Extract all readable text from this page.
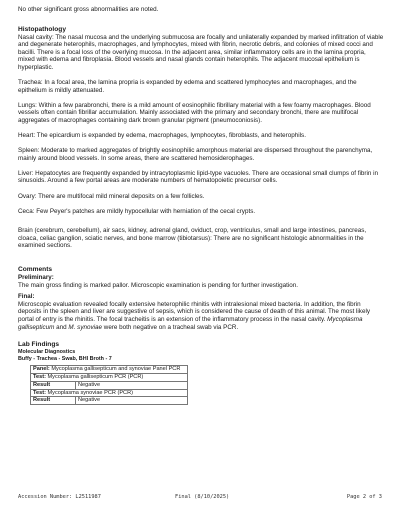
No other significant gross abnormalities are noted.

Histopathology

Nasal cavity: The nasal mucosa and the underlying submucosa are focally and unilaterally expanded by marked infiltration of viable and degenerate heterophils, macrophages, and lymphocytes, mixed with fibrin, necrotic debris, and colonies of mixed cocci and bacilli. There is a focal loss of the overlying mucosa. In the adjacent area, similar inflammatory cells are in the lamina propria, mixed with edema and fibroplasia. Blood vessels and nasal glands contain heterophils. The adjacent mucosal epithelium is hyperplastic.

Trachea: In a focal area, the lamina propria is expanded by edema and scattered lymphocytes and macrophages, and the epithelium is mildly attenuated.

Lungs: Within a few parabronchi, there is a mild amount of eosinophilic fibrillary material with a few foamy macrophages. Blood vessels often contain fibrillar accumulation. Mainly associated with the primary and secondary bronchi, there are multifocal aggregates of macrophages containing dark brown granular pigment (pneumoconiosis).

Heart: The epicardium is expanded by edema, macrophages, lymphocytes, fibroblasts, and heterophils.

Spleen: Moderate to marked aggregates of brightly eosinophilic amorphous material are dispersed throughout the parenchyma, mainly around blood vessels. In some areas, there are scattered hemosiderophages.

Liver: Hepatocytes are frequently expanded by intracytoplasmic lipid-type vacuoles. There are occasional small clumps of fibrin in sinusoids. Around a few portal areas are moderate numbers of hematopoietic precursor cells.

Ovary: There are multifocal mild mineral deposits on a few follicles.

Ceca: Few Peyer's patches are mildly hypocellular with herniation of the cecal crypts.

Brain (cerebrum, cerebellum), air sacs, kidney, adrenal gland, oviduct, crop, ventriculus, small and large intestines, pancreas, cloaca, celiac ganglion, sciatic nerves, and bone marrow (tibiotarsus): There are no significant histologic abnormalities in the examined sections.

Comments

Preliminary:

The main gross finding is marked pallor. Microscopic examination is pending for further investigation.

Final:

Microscopic evaluation revealed focally extensive heterophilic rhinitis with intralesional mixed bacteria. In addition, the fibrin deposits in the spleen and liver are suggestive of sepsis, which is considered the cause of death of this animal. The most likely portal of entry is the rhinitis. The focal tracheitis is an extension of the inflammatory process in the nasal cavity. Mycoplasma gallisepticum and M. synoviae were both negative on a tracheal swab via PCR.

Lab Findings

Molecular Diagnostics

Buffy - Trachea - Swab, BHI Broth - 7

Panel: Mycoplasma gallisepticum and synoviae Panel PCR	
Test: Mycoplasma gallisepticum PCR (PCR)	
Result	Negative
Test: Mycoplasma synoviae PCR (PCR)	
Result	Negative
Accession Number: L2511987	Final (8/10/2025)	Page 2 of 3
